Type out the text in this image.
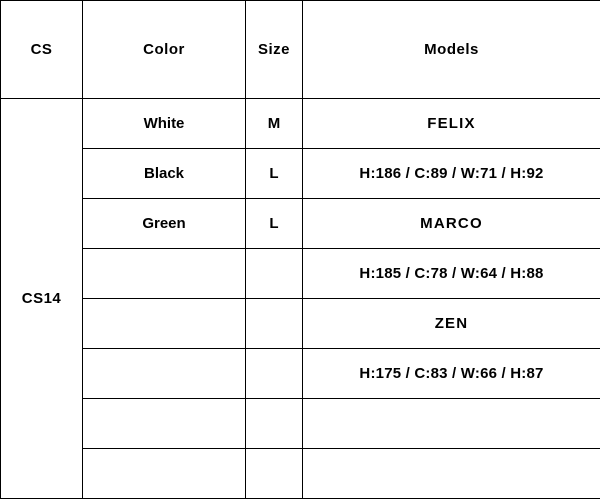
CS	Color	Size	Models
CS14	White	M	FELIX
	Black	L	H:186 / C:89 / W:71 / H:92
	Green	L	MARCO
			H:185 / C:78 / W:64 / H:88
			ZEN
			H:175 / C:83 / W:66 / H:87
